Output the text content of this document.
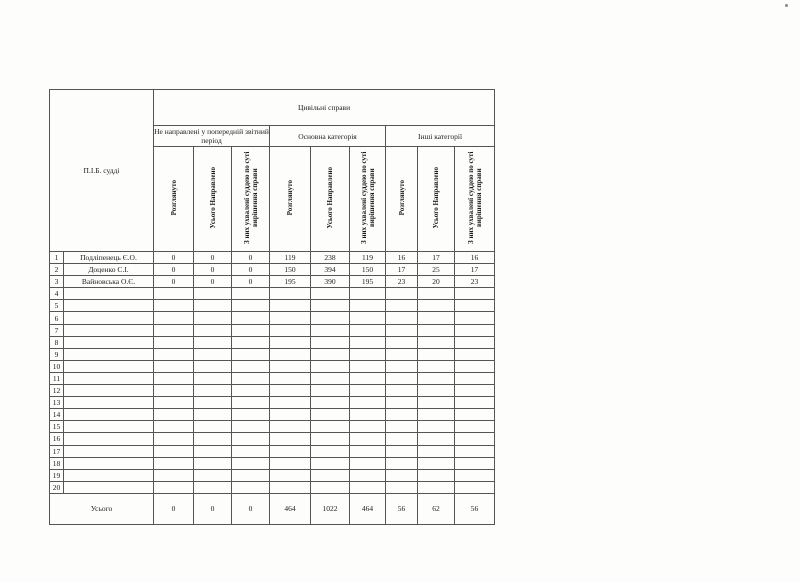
П.І.Б. судді		Цивільні справи								
		Не направлені у попередній звітний період			Основна категорія			Інші категорії		
		Розглянуто	Усього Направлено	З них ухвалені суддею по суті вирішення справи	Розглянуто	Усього Направлено	З них ухвалені суддею по суті вирішення справи	Розглянуто	Усього Направлено	З них ухвалені суддею по суті вирішення справи
1	Подліпенець Є.О.	0	0	0	119	238	119	16	17	16
2	Доценко С.І.	0	0	0	150	394	150	17	25	17
3	Вайновська О.Є.	0	0	0	195	390	195	23	20	23
4										
5										
6										
7										
8										
9										
10										
11										
12										
13										
14										
15										
16										
17										
18										
19										
20										
Усього		0	0	0	464	1022	464	56	62	56
